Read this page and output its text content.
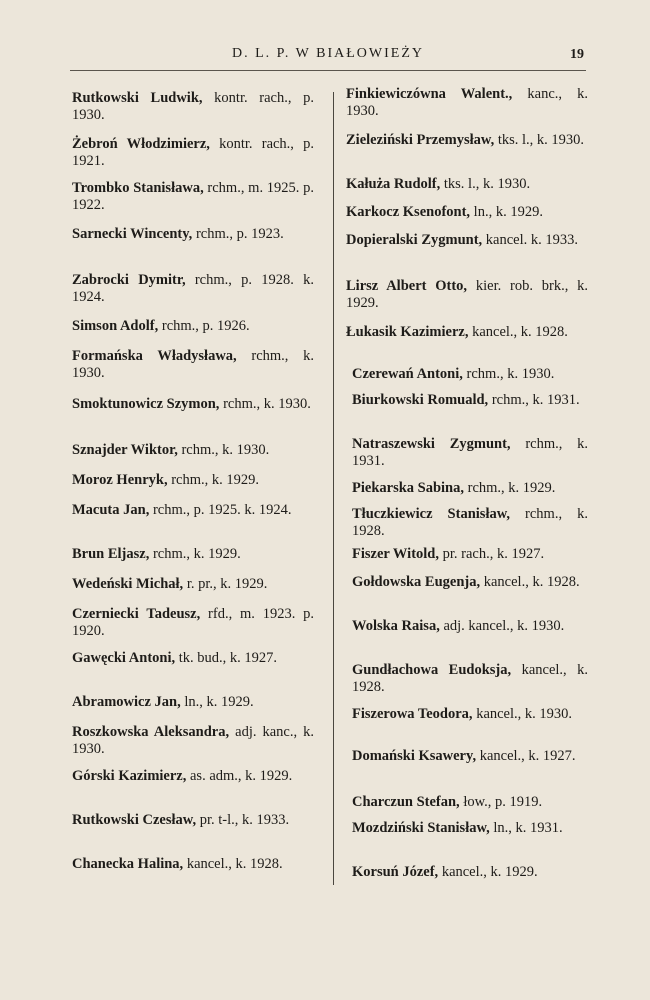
D. L. P. W BIAŁOWIEŻY	19
Rutkowski Ludwik, kontr. rach., p. 1930.
Żebroń Włodzimierz, kontr. rach., p. 1921.
Trombko Stanisława, rchm., m. 1925. p. 1922.
Sarnecki Wincenty, rchm., p. 1923.
Zabrocki Dymitr, rchm., p. 1928. k. 1924.
Simson Adolf, rchm., p. 1926.
Formańska Władysława, rchm., k. 1930.
Smoktunowicz Szymon, rchm., k. 1930.
Sznajder Wiktor, rchm., k. 1930.
Moroz Henryk, rchm., k. 1929.
Macuta Jan, rchm., p. 1925. k. 1924.
Brun Eljasz, rchm., k. 1929.
Wedeński Michał, r. pr., k. 1929.
Czerniecki Tadeusz, rfd., m. 1923. p. 1920.
Gawęcki Antoni, tk. bud., k. 1927.
Abramowicz Jan, ln., k. 1929.
Roszkowska Aleksandra, adj. kanc., k. 1930.
Górski Kazimierz, as. adm., k. 1929.
Rutkowski Czesław, pr. t-l., k. 1933.
Chanecka Halina, kancel., k. 1928.
Finkiewiczówna Walent., kanc., k. 1930.
Zieleziński Przemysław, tks. l., k. 1930.
Kałuża Rudolf, tks. l., k. 1930.
Karkocz Ksenofont, ln., k. 1929.
Dopieralski Zygmunt, kancel. k. 1933.
Lirsz Albert Otto, kier. rob. brk., k. 1929.
Łukasik Kazimierz, kancel., k. 1928.
Czerewań Antoni, rchm., k. 1930.
Biurkowski Romuald, rchm., k. 1931.
Natraszewski Zygmunt, rchm., k. 1931.
Piekarska Sabina, rchm., k. 1929.
Tłuczkiewicz Stanisław, rchm., k. 1928.
Fiszer Witold, pr. rach., k. 1927.
Gołdowska Eugenja, kancel., k. 1928.
Wolska Raisa, adj. kancel., k. 1930.
Gundłachowa Eudoksja, kancel., k. 1928.
Fiszerowa Teodora, kancel., k. 1930.
Domański Ksawery, kancel., k. 1927.
Charczun Stefan, łow., p. 1919.
Mozdziński Stanisław, ln., k. 1931.
Korsuń Józef, kancel., k. 1929.
